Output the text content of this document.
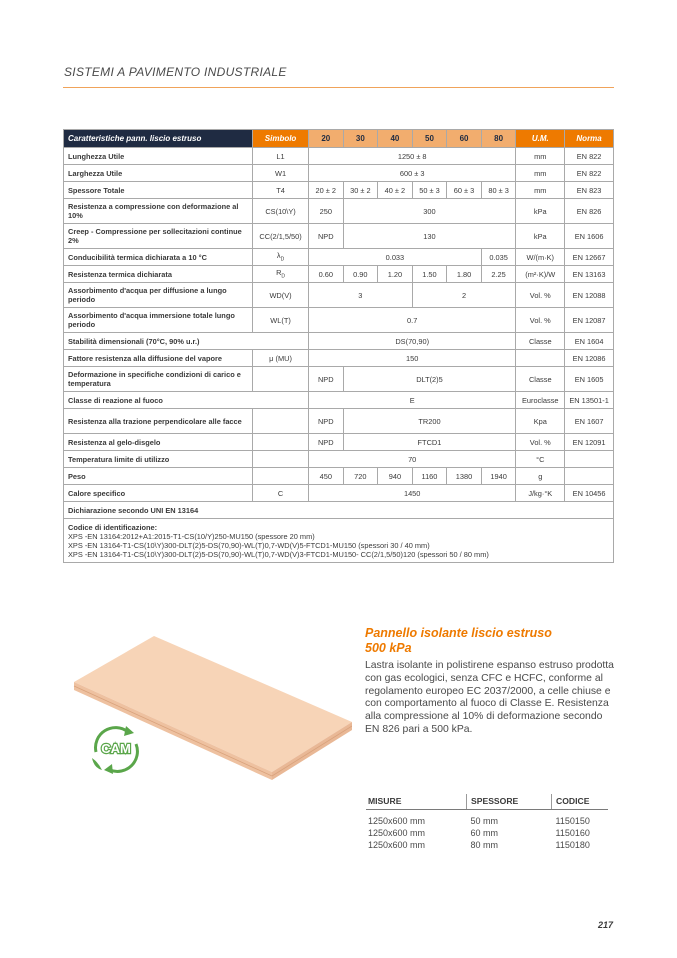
SISTEMI A PAVIMENTO INDUSTRIALE
Caratteristiche pann. liscio estruso	Simbolo	20	30	40	50	60	80	U.M.	Norma
Lunghezza Utile	L1	1250 ± 8						mm	EN 822
Larghezza Utile	W1	600 ± 3						mm	EN 822
Spessore Totale	T4	20 ± 2	30 ± 2	40 ± 2	50 ± 3	60 ± 3	80 ± 3	mm	EN 823
Resistenza a compressione con deformazione al 10%	CS(10\Y)	250	300					kPa	EN 826
Creep - Compressione per sollecitazioni continue 2%	CC(2/1,5/50)	NPD	130					kPa	EN 1606
Conducibilità termica dichiarata a 10 °C	$\lambda_D$	0.033					0.035	W/(m·K)	EN 12667
Resistenza termica dichiarata	$R_D$	0.60	0.90	1.20	1.50	1.80	2.25	(m²·K)/W	EN 13163
Assorbimento d'acqua per diffusione a lungo periodo	WD(V)	3			2			Vol. %	EN 12088
Assorbimento d'acqua immersione totale lungo periodo	WL(T)	0.7						Vol. %	EN 12087
Stabilità dimensionali (70°C, 90% u.r.)		DS(70,90)						Classe	EN 1604
Fattore resistenza alla diffusione del vapore	μ (MU)	150							EN 12086
Deformazione in specifiche condizioni di carico e temperatura		NPD	DLT(2)5					Classe	EN 1605
Classe di reazione al fuoco		E						Euroclasse	EN 13501-1
Resistenza alla trazione perpendicolare alle facce		NPD	TR200					Kpa	EN 1607
Resistenza al gelo-disgelo		NPD	FTCD1					Vol. %	EN 12091
Temperatura limite di utilizzo		70						°C	
Peso		450	720	940	1160	1380	1940	g	
Calore specifico	C	1450						J/kg·°K	EN 10456
Dichiarazione secondo UNI EN 13164									

Codice di identificazione:
XPS -EN 13164:2012+A1:2015-T1-CS(10/Y)250-MU150 (spessore 20 mm)
XPS -EN 13164-T1-CS(10\Y)300-DLT(2)5-DS(70,90)-WL(T)0,7-WD(V)5-FTCD1-MU150 (spessori 30 / 40 mm)
XPS -EN 13164-T1-CS(10\Y)300-DLT(2)5-DS(70,90)-WL(T)0,7-WD(V)3-FTCD1-MU150- CC(2/1,5/50)120 (spessori 50 / 80 mm)									
CAM
Pannello isolante liscio estruso
500 kPa
Lastra isolante in polistirene espanso estruso prodotta con gas ecologici, senza CFC e HCFC, conforme al regolamento europeo EC 2037/2000, a celle chiuse e con comportamento al fuoco di Classe E. Resistenza alla compressione al 10% di deformazione secondo EN 826 pari a 500 kPa.
MISURE	SPESSORE	CODICE
1250x600 mm	50 mm	1150150
1250x600 mm	60 mm	1150160
1250x600 mm	80 mm	1150180
217
